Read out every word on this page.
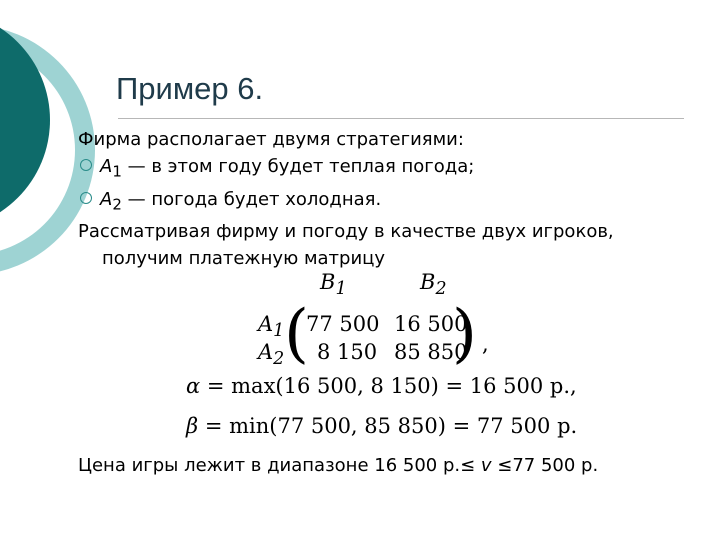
Пример 6.
Фирма располагает двумя стратегиями:
$A_1$ — в этом году будет теплая погода;
$A_2$ — погода будет холодная.
Рассматривая фирму и погоду в качестве двух игроков,
получим платежную матрицу
$B_1$	$B_2$
$A_1$
$A_2$ ( )
77 500 16 500
8 150 85 850 ,
α = max(16 500, 8 150) = 16 500 р.,
β = min(77 500, 85 850) = 77 500 р.
Цена игры лежит в диапазоне 16 500 р.≤ v ≤77 500 р.
